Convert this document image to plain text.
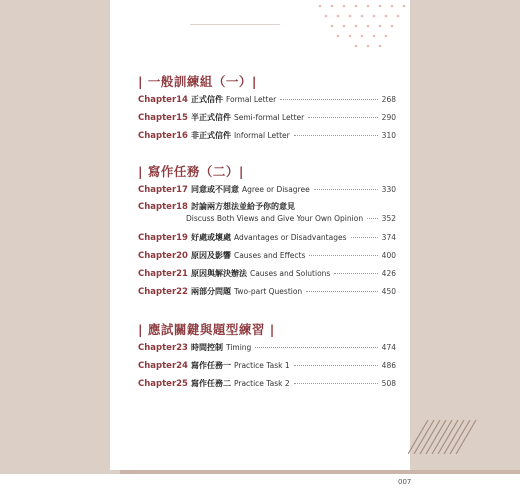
| 一般訓練組（一）|
Chapter14 正式信件 Formal Letter	268
Chapter15 半正式信件 Semi-formal Letter	290
Chapter16 非正式信件 Informal Letter	310
| 寫作任務（二）|
Chapter17 同意或不同意 Agree or Disagree	330
Chapter18 討論兩方想法並給予你的意見
Discuss Both Views and Give Your Own Opinion 352
Chapter19 好處或壞處 Advantages or Disadvantages	374
Chapter20 原因及影響 Causes and Effects	400
Chapter21 原因與解決辦法 Causes and Solutions	426
Chapter22 兩部分問題 Two-part Question	450
| 應試關鍵與題型練習 |
Chapter23 時間控制 Timing	474
Chapter24 寫作任務一 Practice Task 1	486
Chapter25 寫作任務二 Practice Task 2	508
007
